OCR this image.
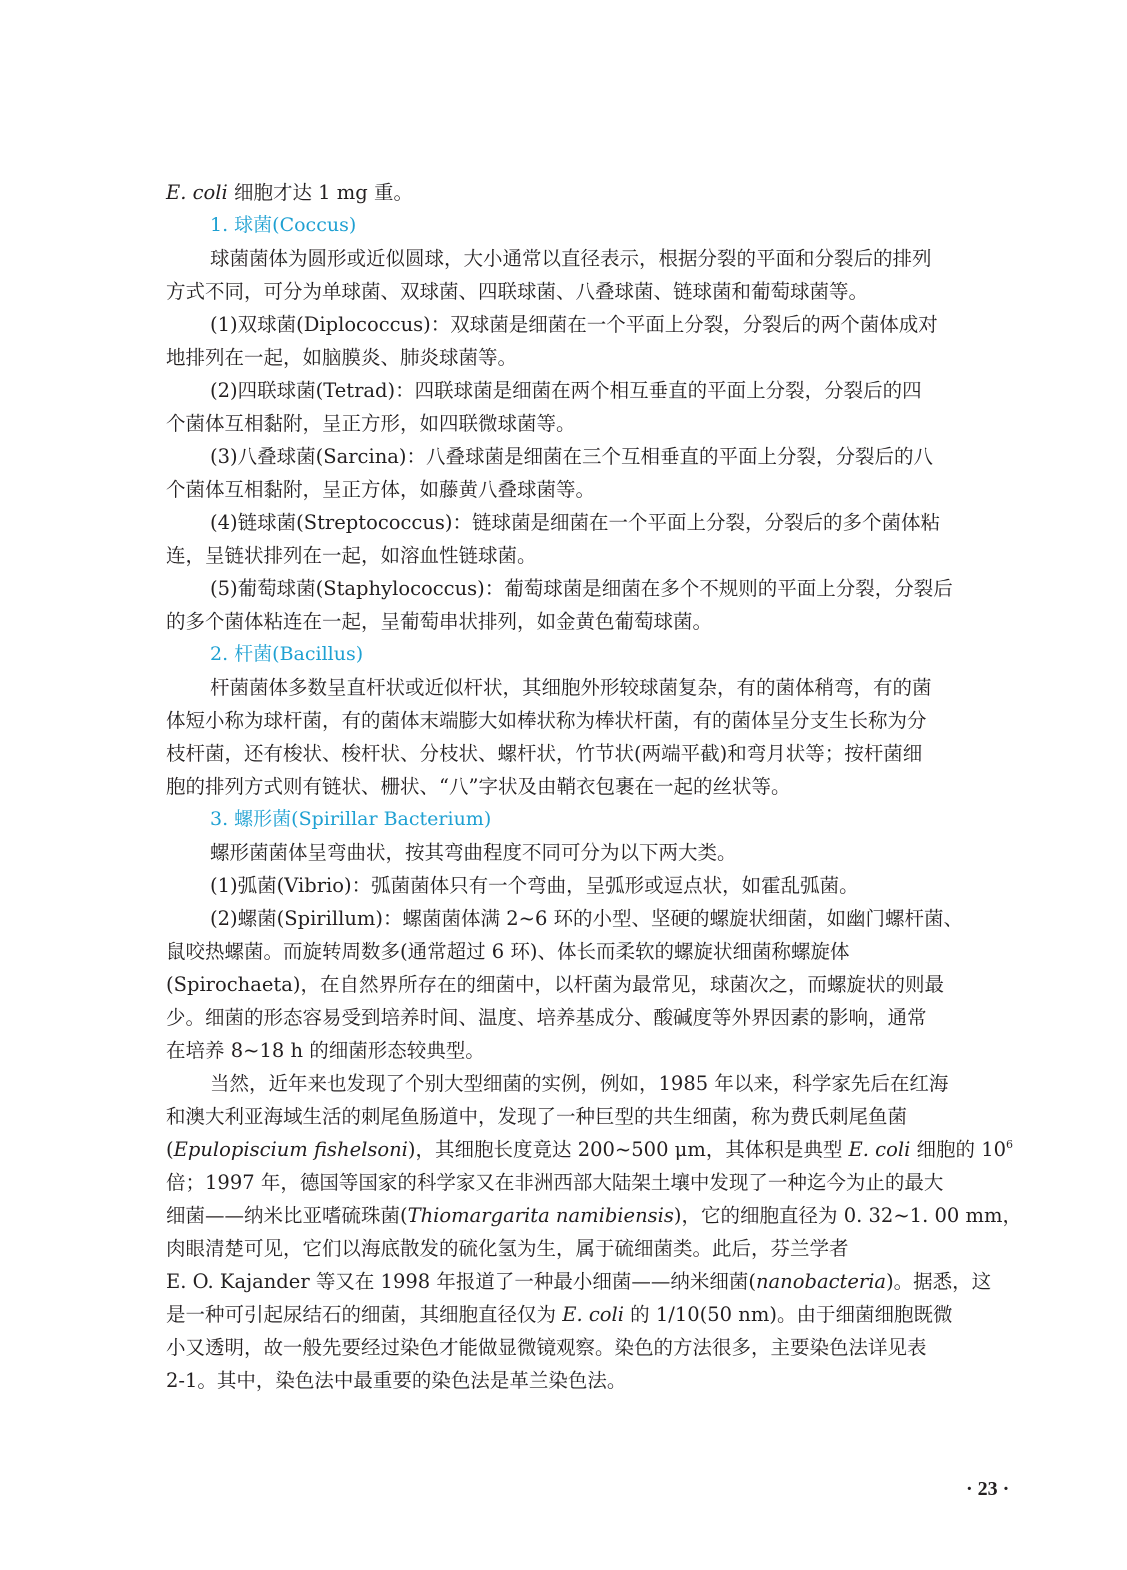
E. coli 细胞才达 1 mg 重。

1. 球菌(Coccus)

球菌菌体为圆形或近似圆球，大小通常以直径表示，根据分裂的平面和分裂后的排列

方式不同，可分为单球菌、双球菌、四联球菌、八叠球菌、链球菌和葡萄球菌等。

(1)双球菌(Diplococcus)：双球菌是细菌在一个平面上分裂，分裂后的两个菌体成对

地排列在一起，如脑膜炎、肺炎球菌等。

(2)四联球菌(Tetrad)：四联球菌是细菌在两个相互垂直的平面上分裂，分裂后的四

个菌体互相黏附，呈正方形，如四联微球菌等。

(3)八叠球菌(Sarcina)：八叠球菌是细菌在三个互相垂直的平面上分裂，分裂后的八

个菌体互相黏附，呈正方体，如藤黄八叠球菌等。

(4)链球菌(Streptococcus)：链球菌是细菌在一个平面上分裂，分裂后的多个菌体粘

连，呈链状排列在一起，如溶血性链球菌。

(5)葡萄球菌(Staphylococcus)：葡萄球菌是细菌在多个不规则的平面上分裂，分裂后

的多个菌体粘连在一起，呈葡萄串状排列，如金黄色葡萄球菌。

2. 杆菌(Bacillus)

杆菌菌体多数呈直杆状或近似杆状，其细胞外形较球菌复杂，有的菌体稍弯，有的菌

体短小称为球杆菌，有的菌体末端膨大如棒状称为棒状杆菌，有的菌体呈分支生长称为分

枝杆菌，还有梭状、梭杆状、分枝状、螺杆状，竹节状(两端平截)和弯月状等；按杆菌细

胞的排列方式则有链状、栅状、“八”字状及由鞘衣包裹在一起的丝状等。

3. 螺形菌(Spirillar Bacterium)

螺形菌菌体呈弯曲状，按其弯曲程度不同可分为以下两大类。

(1)弧菌(Vibrio)：弧菌菌体只有一个弯曲，呈弧形或逗点状，如霍乱弧菌。

(2)螺菌(Spirillum)：螺菌菌体满 2~6 环的小型、坚硬的螺旋状细菌，如幽门螺杆菌、

鼠咬热螺菌。而旋转周数多(通常超过 6 环)、体长而柔软的螺旋状细菌称螺旋体

(Spirochaeta)，在自然界所存在的细菌中，以杆菌为最常见，球菌次之，而螺旋状的则最

少。细菌的形态容易受到培养时间、温度、培养基成分、酸碱度等外界因素的影响，通常

在培养 8~18 h 的细菌形态较典型。

当然，近年来也发现了个别大型细菌的实例，例如，1985 年以来，科学家先后在红海

和澳大利亚海域生活的刺尾鱼肠道中，发现了一种巨型的共生细菌，称为费氏刺尾鱼菌

(Epulopiscium fishelsoni)，其细胞长度竟达 200~500 μm，其体积是典型 E. coli 细胞的 $10^6$

倍；1997 年，德国等国家的科学家又在非洲西部大陆架土壤中发现了一种迄今为止的最大

细菌——纳米比亚嗜硫珠菌(Thiomargarita namibiensis)，它的细胞直径为 0. 32~1. 00 mm，

肉眼清楚可见，它们以海底散发的硫化氢为生，属于硫细菌类。此后，芬兰学者

E. O. Kajander 等又在 1998 年报道了一种最小细菌——纳米细菌(nanobacteria)。据悉，这

是一种可引起尿结石的细菌，其细胞直径仅为 E. coli 的 1/10(50 nm)。由于细菌细胞既微

小又透明，故一般先要经过染色才能做显微镜观察。染色的方法很多，主要染色法详见表

2-1。其中，染色法中最重要的染色法是革兰染色法。

· 23 ·
